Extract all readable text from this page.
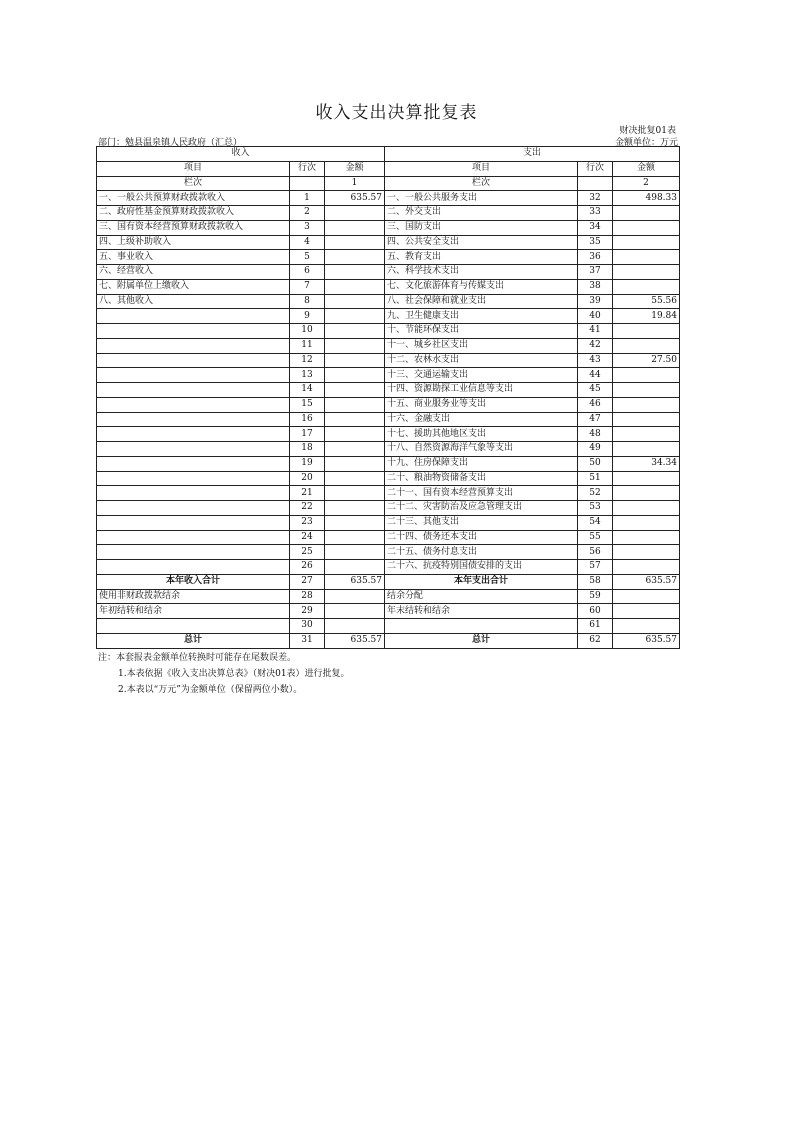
收入支出决算批复表
财决批复01表
部门：勉县温泉镇人民政府（汇总）	金额单位：万元
收入			支出		
项目	行次	金额	项目	行次	金额
栏次		1	栏次		2
一、一般公共预算财政拨款收入	1	635.57	一、一般公共服务支出	32	498.33
二、政府性基金预算财政拨款收入	2		二、外交支出	33	
三、国有资本经营预算财政拨款收入	3		三、国防支出	34	
四、上级补助收入	4		四、公共安全支出	35	
五、事业收入	5		五、教育支出	36	
六、经营收入	6		六、科学技术支出	37	
七、附属单位上缴收入	7		七、文化旅游体育与传媒支出	38	
八、其他收入	8		八、社会保障和就业支出	39	55.56
	9		九、卫生健康支出	40	19.84
	10		十、节能环保支出	41	
	11		十一、城乡社区支出	42	
	12		十二、农林水支出	43	27.50
	13		十三、交通运输支出	44	
	14		十四、资源勘探工业信息等支出	45	
	15		十五、商业服务业等支出	46	
	16		十六、金融支出	47	
	17		十七、援助其他地区支出	48	
	18		十八、自然资源海洋气象等支出	49	
	19		十九、住房保障支出	50	34.34
	20		二十、粮油物资储备支出	51	
	21		二十一、国有资本经营预算支出	52	
	22		二十二、灾害防治及应急管理支出	53	
	23		二十三、其他支出	54	
	24		二十四、债务还本支出	55	
	25		二十五、债务付息支出	56	
	26		二十六、抗疫特别国债安排的支出	57	
本年收入合计	27	635.57	本年支出合计	58	635.57
使用非财政拨款结余	28		结余分配	59	
年初结转和结余	29		年末结转和结余	60	
	30			61	
总计	31	635.57	总计	62	635.57
注：本套报表金额单位转换时可能存在尾数误差。
1.本表依据《收入支出决算总表》（财决01表）进行批复。
2.本表以“万元”为金额单位（保留两位小数）。
